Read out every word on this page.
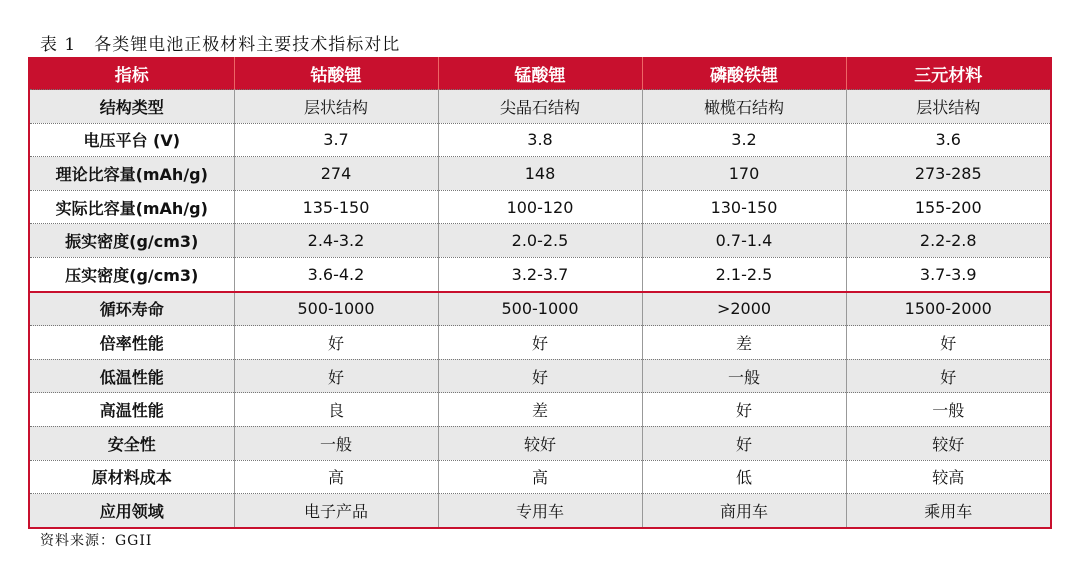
表 1　各类锂电池正极材料主要技术指标对比
指标	钴酸锂	锰酸锂	磷酸铁锂	三元材料
结构类型	层状结构	尖晶石结构	橄榄石结构	层状结构
电压平台 (V)	3.7	3.8	3.2	3.6
理论比容量(mAh/g)	274	148	170	273-285
实际比容量(mAh/g)	135-150	100-120	130-150	155-200
振实密度(g/cm3)	2.4-3.2	2.0-2.5	0.7-1.4	2.2-2.8
压实密度(g/cm3)	3.6-4.2	3.2-3.7	2.1-2.5	3.7-3.9
循环寿命	500-1000	500-1000	>2000	1500-2000
倍率性能	好	好	差	好
低温性能	好	好	一般	好
高温性能	良	差	好	一般
安全性	一般	较好	好	较好
原材料成本	高	高	低	较高
应用领域	电子产品	专用车	商用车	乘用车
资料来源：GGII
